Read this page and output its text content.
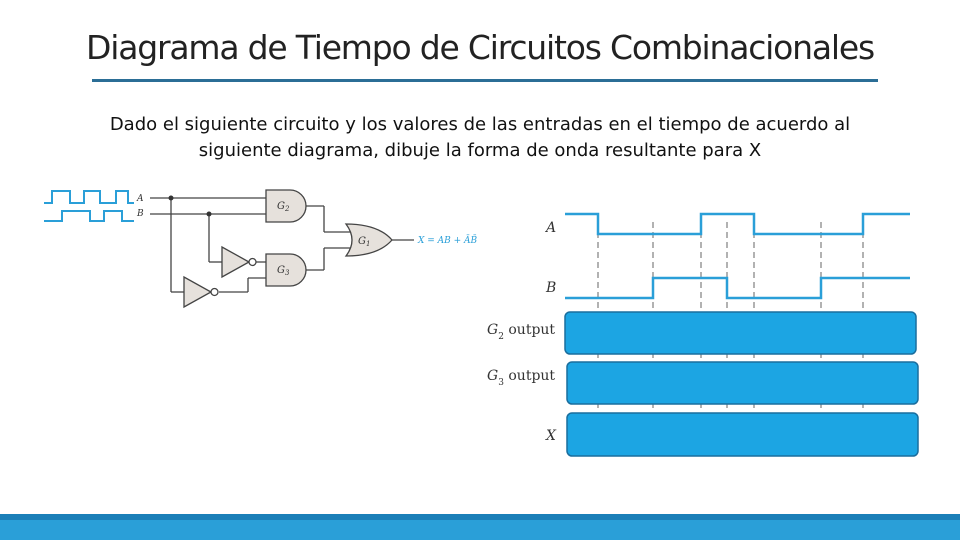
Diagrama de Tiempo de Circuitos Combinacionales
Dado el siguiente circuito y los valores de las entradas en el tiempo de acuerdo al
siguiente diagrama, dibuje la forma de onda resultante para X
A
B
$G_2$
$G_3$
$G_1$	X = AB + ĀB̄
A
B
$G_2$ output
$G_3$ output
X
